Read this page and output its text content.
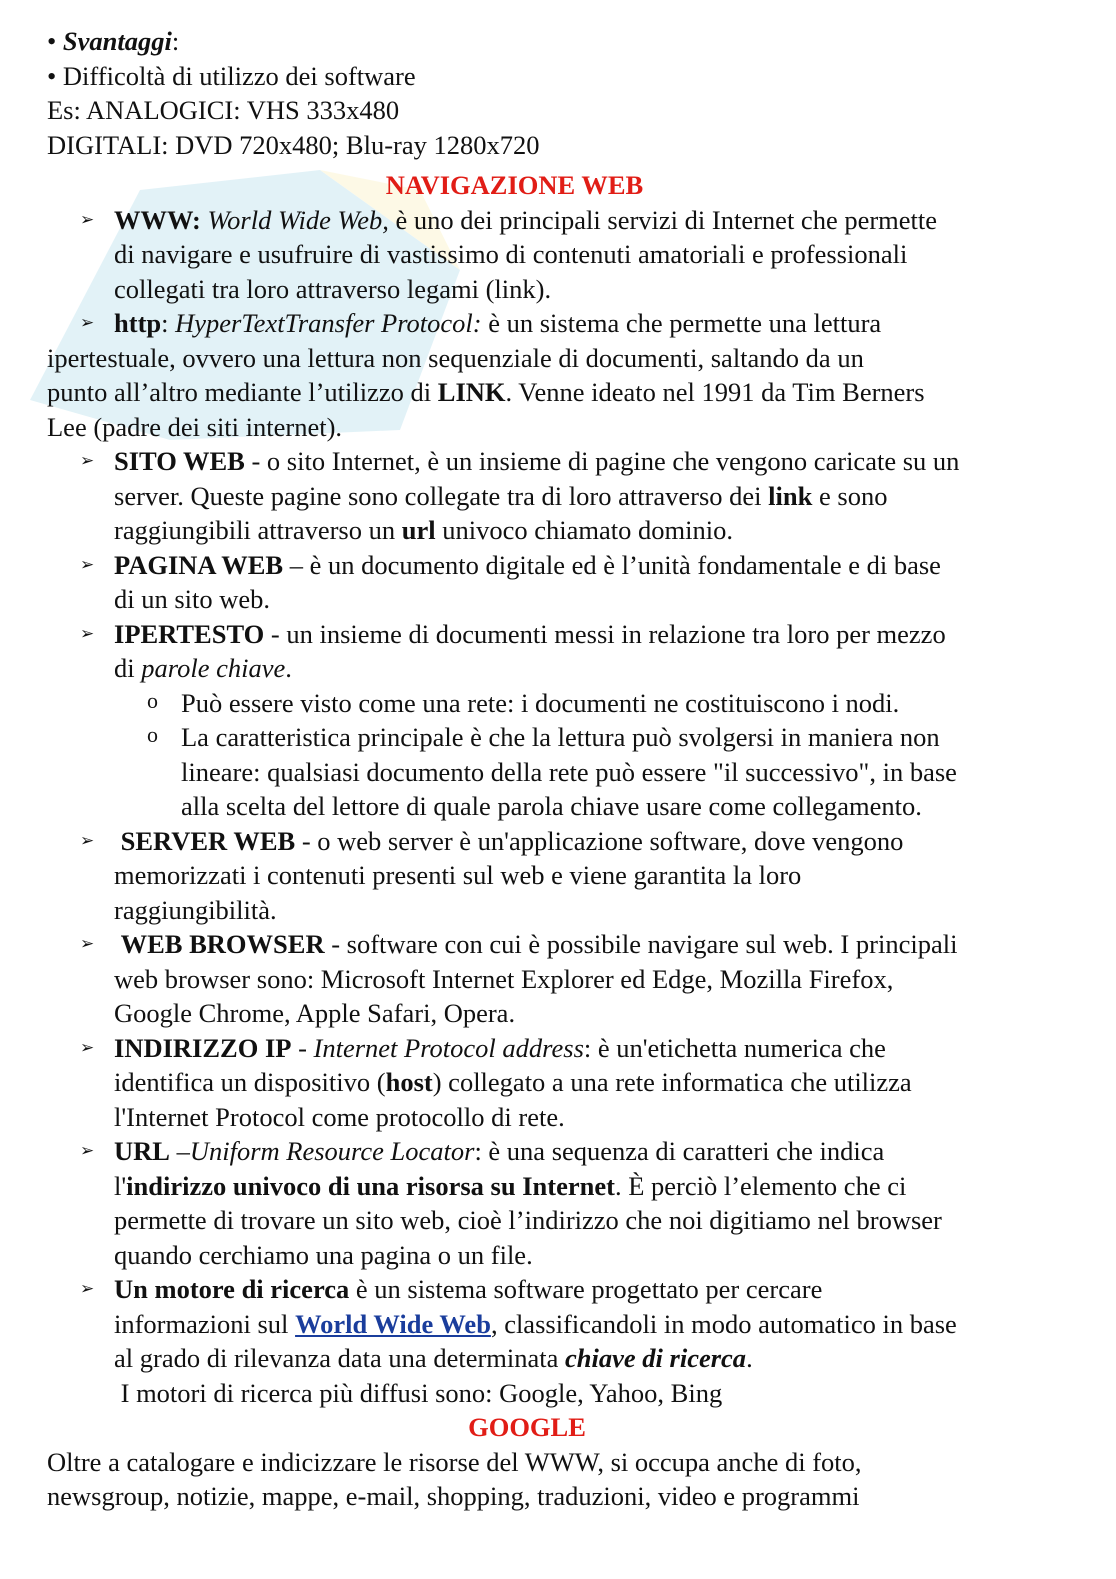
• Svantaggi:
• Difficoltà di utilizzo dei software
Es: ANALOGICI: VHS 333x480
DIGITALI: DVD 720x480; Blu-ray 1280x720
NAVIGAZIONE WEB
➢ WWW: World Wide Web, è uno dei principali servizi di Internet che permette
di navigare e usufruire di vastissimo di contenuti amatoriali e professionali
collegati tra loro attraverso legami (link).
➢ http: HyperTextTransfer Protocol: è un sistema che permette una lettura
ipertestuale, ovvero una lettura non sequenziale di documenti, saltando da un
punto all’altro mediante l’utilizzo di LINK. Venne ideato nel 1991 da Tim Berners
Lee (padre dei siti internet).
➢ SITO WEB - o sito Internet, è un insieme di pagine che vengono caricate su un
server. Queste pagine sono collegate tra di loro attraverso dei link e sono
raggiungibili attraverso un url univoco chiamato dominio.
➢ PAGINA WEB – è un documento digitale ed è l’unità fondamentale e di base
di un sito web.
➢ IPERTESTO - un insieme di documenti messi in relazione tra loro per mezzo
di parole chiave.
o Può essere visto come una rete: i documenti ne costituiscono i nodi.
o La caratteristica principale è che la lettura può svolgersi in maniera non
lineare: qualsiasi documento della rete può essere "il successivo", in base
alla scelta del lettore di quale parola chiave usare come collegamento.
➢ SERVER WEB - o web server è un'applicazione software, dove vengono
memorizzati i contenuti presenti sul web e viene garantita la loro
raggiungibilità.
➢ WEB BROWSER - software con cui è possibile navigare sul web. I principali
web browser sono: Microsoft Internet Explorer ed Edge, Mozilla Firefox,
Google Chrome, Apple Safari, Opera.
➢ INDIRIZZO IP - Internet Protocol address: è un'etichetta numerica che
identifica un dispositivo (host) collegato a una rete informatica che utilizza
l'Internet Protocol come protocollo di rete.
➢ URL –Uniform Resource Locator: è una sequenza di caratteri che indica
l'indirizzo univoco di una risorsa su Internet. È perciò l’elemento che ci
permette di trovare un sito web, cioè l’indirizzo che noi digitiamo nel browser
quando cerchiamo una pagina o un file.
➢ Un motore di ricerca è un sistema software progettato per cercare
informazioni sul World Wide Web, classificandoli in modo automatico in base
al grado di rilevanza data una determinata chiave di ricerca.
I motori di ricerca più diffusi sono: Google, Yahoo, Bing
GOOGLE
Oltre a catalogare e indicizzare le risorse del WWW, si occupa anche di foto,
newsgroup, notizie, mappe, e-mail, shopping, traduzioni, video e programmi
